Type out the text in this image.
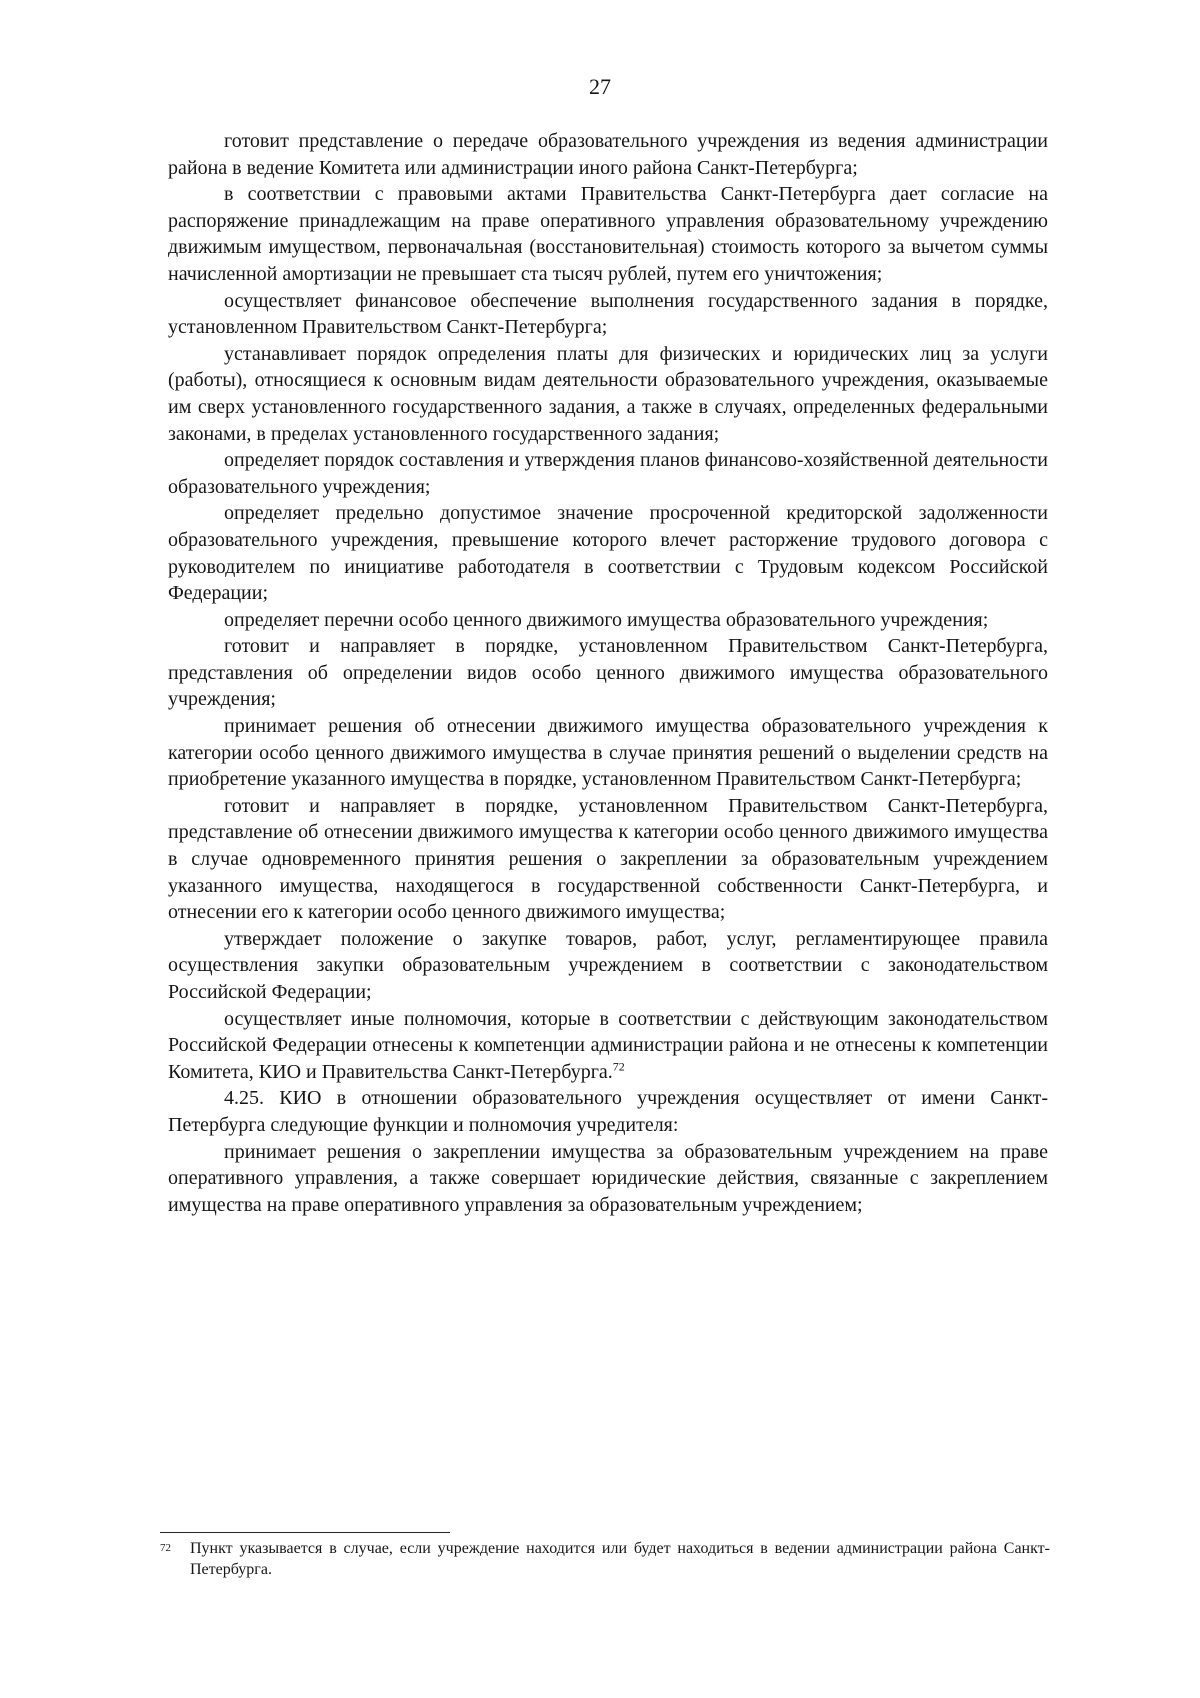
27

готовит представление о передаче образовательного учреждения из ведения администрации района в ведение Комитета или администрации иного района Санкт-Петербурга;

в соответствии с правовыми актами Правительства Санкт-Петербурга дает согласие на распоряжение принадлежащим на праве оперативного управления образовательному учреждению движимым имуществом, первоначальная (восстановительная) стоимость которого за вычетом суммы начисленной амортизации не превышает ста тысяч рублей, путем его уничтожения;

осуществляет финансовое обеспечение выполнения государственного задания в порядке, установленном Правительством Санкт-Петербурга;

устанавливает порядок определения платы для физических и юридических лиц за услуги (работы), относящиеся к основным видам деятельности образовательного учреждения, оказываемые им сверх установленного государственного задания, а также в случаях, определенных федеральными законами, в пределах установленного государственного задания;

определяет порядок составления и утверждения планов финансово-хозяйственной деятельности образовательного учреждения;

определяет предельно допустимое значение просроченной кредиторской задолженности образовательного учреждения, превышение которого влечет расторжение трудового договора с руководителем по инициативе работодателя в соответствии с Трудовым кодексом Российской Федерации;

определяет перечни особо ценного движимого имущества образовательного учреждения;

готовит и направляет в порядке, установленном Правительством Санкт-Петербурга, представления об определении видов особо ценного движимого имущества образовательного учреждения;

принимает решения об отнесении движимого имущества образовательного учреждения к категории особо ценного движимого имущества в случае принятия решений о выделении средств на приобретение указанного имущества в порядке, установленном Правительством Санкт-Петербурга;

готовит и направляет в порядке, установленном Правительством Санкт-Петербурга, представление об отнесении движимого имущества к категории особо ценного движимого имущества в случае одновременного принятия решения о закреплении за образовательным учреждением указанного имущества, находящегося в государственной собственности Санкт-Петербурга, и отнесении его к категории особо ценного движимого имущества;

утверждает положение о закупке товаров, работ, услуг, регламентирующее правила осуществления закупки образовательным учреждением в соответствии с законодательством Российской Федерации;

осуществляет иные полномочия, которые в соответствии с действующим законодательством Российской Федерации отнесены к компетенции администрации района и не отнесены к компетенции Комитета, КИО и Правительства Санкт-Петербурга.$^{72}$

4.25. КИО в отношении образовательного учреждения осуществляет от имени Санкт-Петербурга следующие функции и полномочия учредителя:

принимает решения о закреплении имущества за образовательным учреждением на праве оперативного управления, а также совершает юридические действия, связанные с закреплением имущества на праве оперативного управления за образовательным учреждением;

72 Пункт указывается в случае, если учреждение находится или будет находиться в ведении администрации района Санкт-Петербурга.
